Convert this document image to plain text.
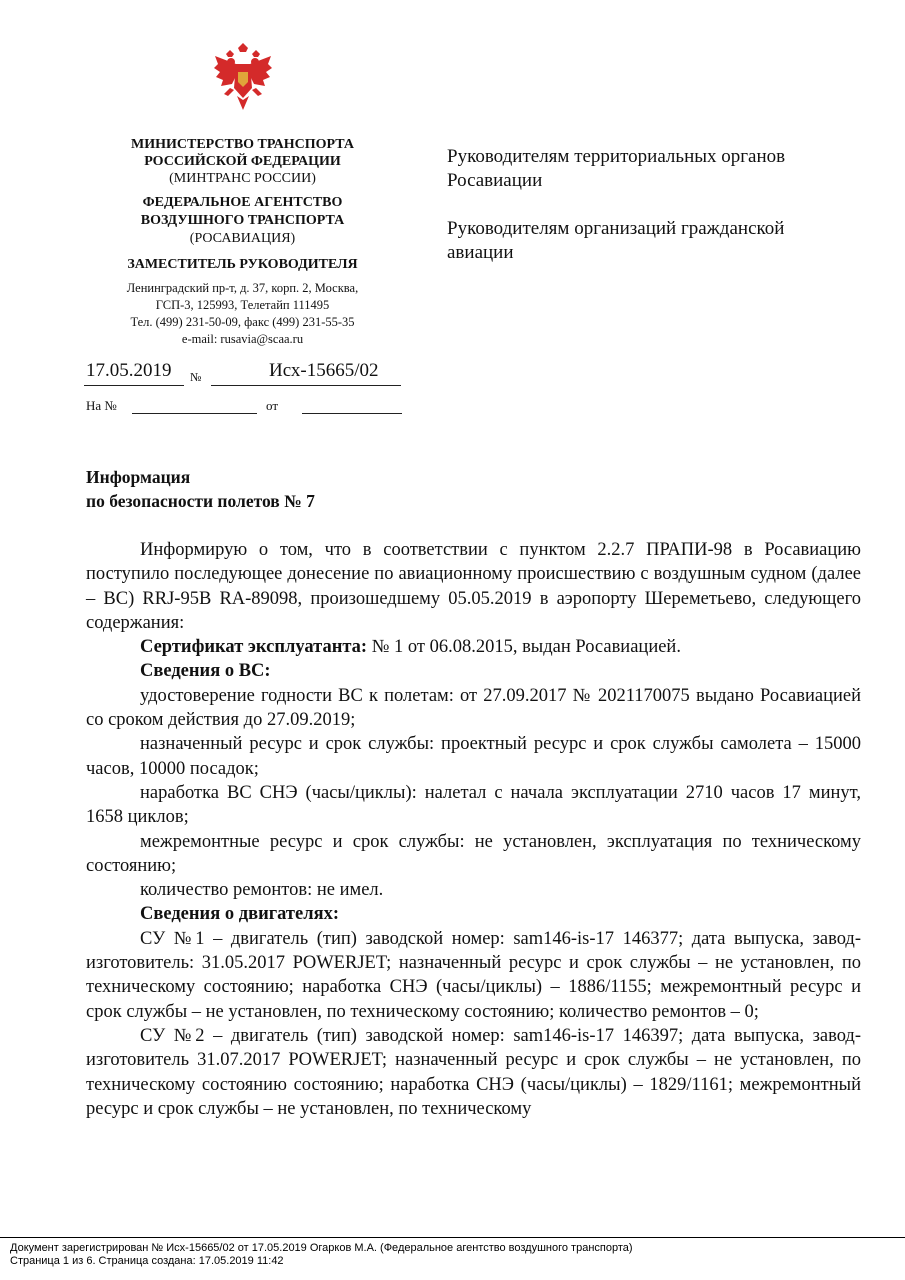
МИНИСТЕРСТВО ТРАНСПОРТА
РОССИЙСКОЙ ФЕДЕРАЦИИ
(МИНТРАНС РОССИИ)
ФЕДЕРАЛЬНОЕ АГЕНТСТВО
ВОЗДУШНОГО ТРАНСПОРТА
(РОСАВИАЦИЯ)
ЗАМЕСТИТЕЛЬ РУКОВОДИТЕЛЯ
Ленинградский пр-т, д. 37, корп. 2, Москва,
ГСП-3, 125993, Телетайп 111495
Тел. (499) 231-50-09, факс (499) 231-55-35
e-mail: rusavia@scaa.ru
Руководителям территориальных органов
Росавиации
Руководителям организаций гражданской
авиации
17.05.2019 №	Исх-15665/02
На №	от
Информация
по безопасности полетов № 7

Информирую о том, что в соответствии с пунктом 2.2.7 ПРАПИ-98 в Росавиацию поступило последующее донесение по авиационному происшествию с воздушным судном (далее – ВС) RRJ-95В RA-89098, произошедшему 05.05.2019 в аэропорту Шереметьево, следующего содержания:

Сертификат эксплуатанта: № 1 от 06.08.2015, выдан Росавиацией.

Сведения о ВС:

удостоверение годности ВС к полетам: от 27.09.2017 № 2021170075 выдано Росавиацией со сроком действия до 27.09.2019;

назначенный ресурс и срок службы: проектный ресурс и срок службы самолета – 15000 часов, 10000 посадок;

наработка ВС СНЭ (часы/циклы): налетал с начала эксплуатации 2710 часов 17 минут, 1658 циклов;

межремонтные ресурс и срок службы: не установлен, эксплуатация по техническому состоянию;

количество ремонтов: не имел.

Сведения о двигателях:

СУ №1 – двигатель (тип) заводской номер: sam146-is-17 146377; дата выпуска, завод-изготовитель: 31.05.2017 POWERJET; назначенный ресурс и срок службы – не установлен, по техническому состоянию; наработка СНЭ (часы/циклы) – 1886/1155; межремонтный ресурс и срок службы – не установлен, по техническому состоянию; количество ремонтов – 0;

СУ №2 – двигатель (тип) заводской номер: sam146-is-17 146397; дата выпуска, завод-изготовитель 31.07.2017 POWERJET; назначенный ресурс и срок службы – не установлен, по техническому состоянию состоянию; наработка СНЭ (часы/циклы) – 1829/1161; межремонтный ресурс и срок службы – не установлен, по техническому

Документ зарегистрирован № Исх-15665/02 от 17.05.2019 Огарков М.А. (Федеральное агентство воздушного транспорта)
Страница 1 из 6. Страница создана: 17.05.2019 11:42
